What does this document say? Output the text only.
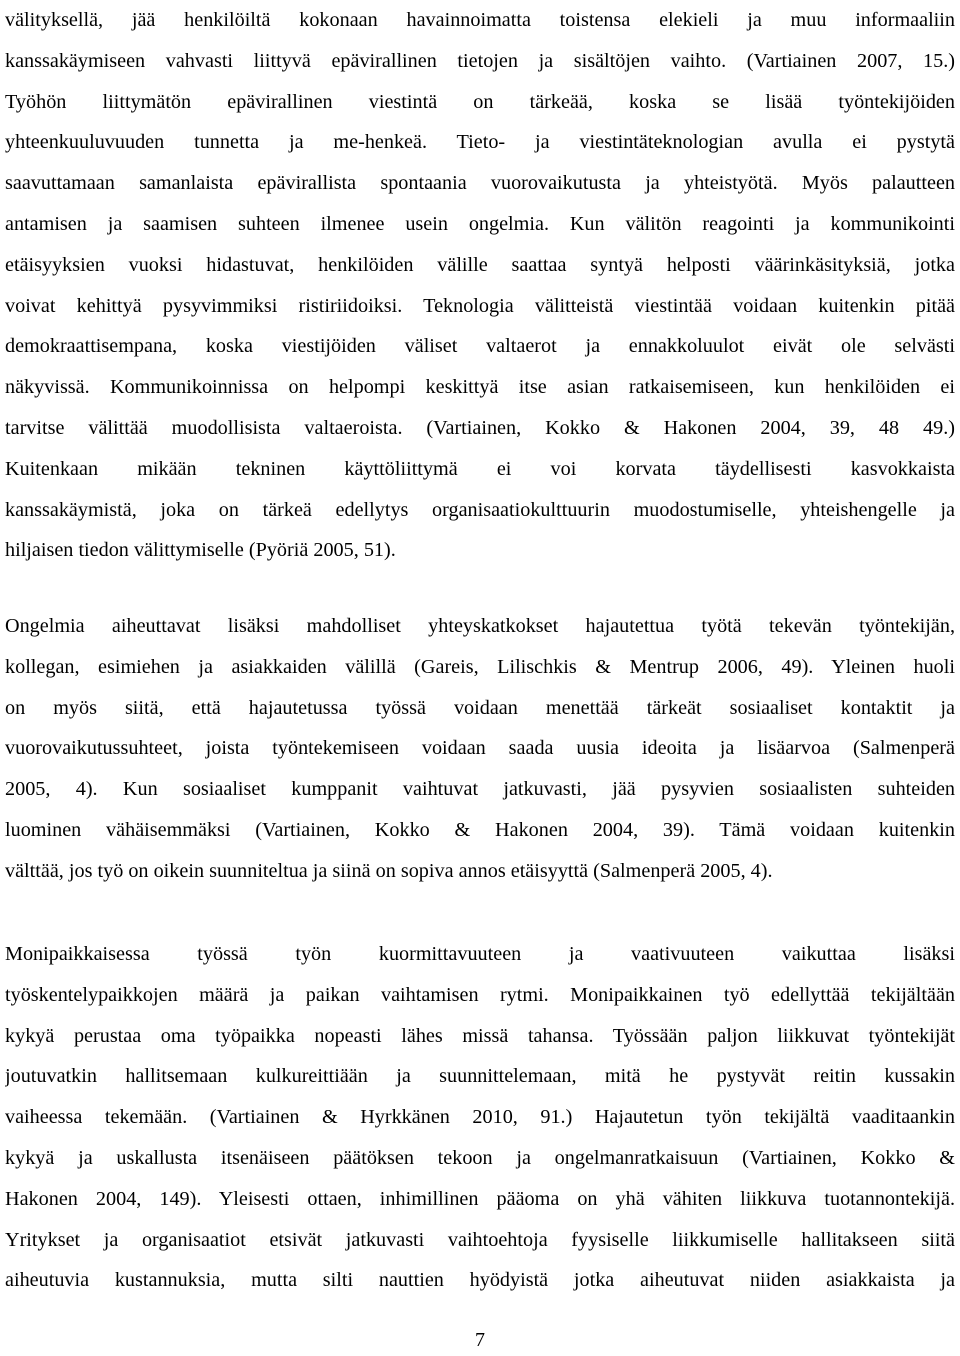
välityksellä, jää henkilöiltä kokonaan havainnoimatta toistensa elekieli ja muu informaaliin
kanssakäymiseen vahvasti liittyvä epävirallinen tietojen ja sisältöjen vaihto. (Vartiainen 2007, 15.)
Työhön liittymätön epävirallinen viestintä on tärkeää, koska se lisää työntekijöiden
yhteenkuuluvuuden tunnetta ja me-henkeä. Tieto- ja viestintäteknologian avulla ei pystytä
saavuttamaan samanlaista epävirallista spontaania vuorovaikutusta ja yhteistyötä. Myös palautteen
antamisen ja saamisen suhteen ilmenee usein ongelmia. Kun välitön reagointi ja kommunikointi
etäisyyksien vuoksi hidastuvat, henkilöiden välille saattaa syntyä helposti väärinkäsityksiä, jotka
voivat kehittyä pysyvimmiksi ristiriidoiksi. Teknologia välitteistä viestintää voidaan kuitenkin pitää
demokraattisempana, koska viestijöiden väliset valtaerot ja ennakkoluulot eivät ole selvästi
näkyvissä. Kommunikoinnissa on helpompi keskittyä itse asian ratkaisemiseen, kun henkilöiden ei
tarvitse välittää muodollisista valtaeroista. (Vartiainen, Kokko & Hakonen 2004, 39, 48 49.)
Kuitenkaan mikään tekninen käyttöliittymä ei voi korvata täydellisesti kasvokkaista
kanssakäymistä, joka on tärkeä edellytys organisaatiokulttuurin muodostumiselle, yhteishengelle ja
hiljaisen tiedon välittymiselle (Pyöriä 2005, 51).
Ongelmia aiheuttavat lisäksi mahdolliset yhteyskatkokset hajautettua työtä tekevän työntekijän,
kollegan, esimiehen ja asiakkaiden välillä (Gareis, Lilischkis & Mentrup 2006, 49). Yleinen huoli
on myös siitä, että hajautetussa työssä voidaan menettää tärkeät sosiaaliset kontaktit ja
vuorovaikutussuhteet, joista työntekemiseen voidaan saada uusia ideoita ja lisäarvoa (Salmenperä
2005, 4). Kun sosiaaliset kumppanit vaihtuvat jatkuvasti, jää pysyvien sosiaalisten suhteiden
luominen vähäisemmäksi (Vartiainen, Kokko & Hakonen 2004, 39). Tämä voidaan kuitenkin
välttää, jos työ on oikein suunniteltua ja siinä on sopiva annos etäisyyttä (Salmenperä 2005, 4).
Monipaikkaisessa työssä työn kuormittavuuteen ja vaativuuteen vaikuttaa lisäksi
työskentelypaikkojen määrä ja paikan vaihtamisen rytmi. Monipaikkainen työ edellyttää tekijältään
kykyä perustaa oma työpaikka nopeasti lähes missä tahansa. Työssään paljon liikkuvat työntekijät
joutuvatkin hallitsemaan kulkureittiään ja suunnittelemaan, mitä he pystyvät reitin kussakin
vaiheessa tekemään. (Vartiainen & Hyrkkänen 2010, 91.) Hajautetun työn tekijältä vaaditaankin
kykyä ja uskallusta itsenäiseen päätöksen tekoon ja ongelmanratkaisuun (Vartiainen, Kokko &
Hakonen 2004, 149). Yleisesti ottaen, inhimillinen pääoma on yhä vähiten liikkuva tuotannontekijä.
Yritykset ja organisaatiot etsivät jatkuvasti vaihtoehtoja fyysiselle liikkumiselle hallitakseen siitä
aiheutuvia kustannuksia, mutta silti nauttien hyödyistä jotka aiheutuvat niiden asiakkaista ja
7
